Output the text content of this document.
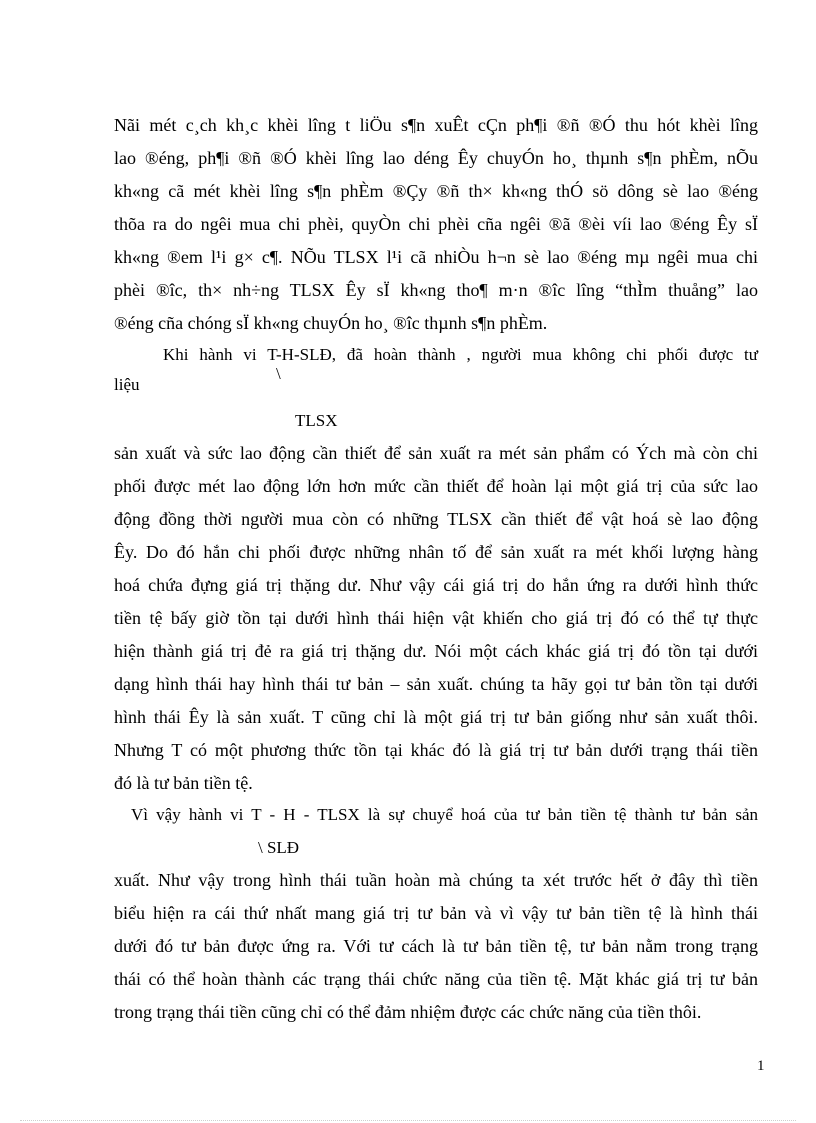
Nãi mét c¸ch kh¸c khèi lîng t liÖu s¶n xuÊt cÇn ph¶i ®ñ ®Ó thu hót khèi lîng
lao ®éng, ph¶i ®ñ ®Ó khèi lîng lao déng Êy chuyÓn ho¸ thµnh s¶n phÈm, nÕu
kh«ng cã mét khèi lîng s¶n phÈm ®Çy ®ñ th× kh«ng thÓ sö dông sè lao ®éng
thõa ra do ngêi mua chi phèi, quyÒn chi phèi cña ngêi ®ã ®èi víi lao ®éng Êy sÏ
kh«ng ®em l¹i g× c¶. NÕu TLSX l¹i cã nhiÒu h¬n sè lao ®éng mµ ngêi mua chi
phèi ®îc, th× nh÷ng TLSX Êy sÏ kh«ng tho¶ m·n ®îc lîng “thÌm thuång” lao
®éng cña chóng sÏ kh«ng chuyÓn ho¸ ®îc thµnh s¶n phÈm.
Khi hành vi T-H-SLĐ, đã hoàn thành , người mua không chi phối được tư
\
liệu
TLSX
sản xuất và sức lao động cần thiết để sản xuất ra mét sản phẩm có Ých mà còn chi
phối được mét lao động lớn hơn mức cần thiết để hoàn lại một giá trị của sức lao
động đồng thời người mua còn có những TLSX cần thiết để vật hoá sè lao động
Êy. Do đó hắn chi phối được những nhân tố để sản xuất ra mét khối lượng hàng
hoá chứa đựng giá trị thặng dư. Như vậy cái giá trị do hắn ứng ra dưới hình thức
tiền tệ bấy giờ tồn tại dưới hình thái hiện vật khiến cho giá trị đó có thể tự thực
hiện thành giá trị đẻ ra giá trị thặng dư. Nói một cách khác giá trị đó tồn tại dưới
dạng hình thái hay hình thái tư bản – sản xuất. chúng ta hãy gọi tư bản tồn tại dưới
hình thái Êy là sản xuất. T cũng chỉ là một giá trị tư bản giống như sản xuất thôi.
Nhưng T có một phương thức tồn tại khác đó là giá trị tư bản dưới trạng thái tiền
đó là tư bản tiền tệ.
Vì vậy hành vi T - H - TLSX là sự chuyể hoá của tư bản tiền tệ thành tư bản sản
\ SLĐ
xuất. Như vậy trong hình thái tuần hoàn mà chúng ta xét trước hết ở đây thì tiền
biểu hiện ra cái thứ nhất mang giá trị tư bản và vì vậy tư bản tiền tệ là hình thái
dưới đó tư bản được ứng ra. Với tư cách là tư bản tiền tệ, tư bản nằm trong trạng
thái có thể hoàn thành các trạng thái chức năng của tiền tệ. Mặt khác giá trị tư bản
trong trạng thái tiền cũng chỉ có thể đảm nhiệm được các chức năng của tiền thôi.
1
